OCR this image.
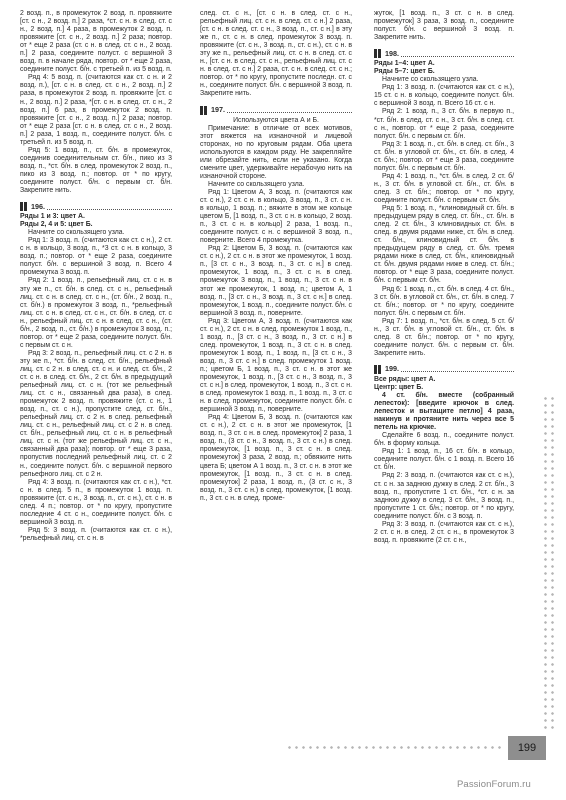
2 возд. п., в промежуток 2 возд. п. провяжите [ст. с н., 2 возд. п.] 2 раза, *ст. с н. в след. ст. с н., 2 возд. п.] 4 раза, в промежуток 2 возд. п. провяжите [ст. с н., 2 возд. п.] 2 раза; повтор. от * еще 2 раза (ст. с н. в след. ст. с н., 2 возд. п.] 2 раза, соедините полуст. с вершиной 3 возд. п. в начале ряда, повтор. от * еще 2 раза, соедините полуст. б/н. с третьей п. из 5 возд. п.

Ряд 4: 5 возд. п. (считаются как ст. с н. и 2 возд. п.), [ст. с н. в след. ст. с н., 2 возд. п.] 2 раза, в промежуток 2 возд. п. провяжите [ст. с н., 2 возд. п.] 2 раза, *[ст. с н. в след. ст. с н., 2 возд. п.] 6 раз, в промежуток 2 возд. п. провяжите [ст. с н., 2 возд. п.] 2 раза; повтор. от * еще 2 раза [ст. с н. в след. ст. с н., 2 возд. п.] 2 раза, 1 возд. п., соедините полуст. б/н. с третьей п. из 5 возд. п.

Ряд 5: 1 возд. п., ст. б/н. в промежуток, соединив соединительным ст. б/н., пико из 3 возд. п., *ст. б/н. в след. промежуток 2 возд. п., пико из 3 возд. п.; повтор. от * по кругу, соедините полуст. б/н. с первым ст. б/н. Закрепите нить.

196.

Ряды 1 и 3: цвет А.

Ряды 2, 4 и 5: цвет Б.

Начните со скользящего узла.

Ряд 1: 3 возд. п. (считаются как ст. с н.), 2 ст. с н. в кольцо, 3 возд. п., *3 ст. с н. в кольцо, 3 возд. п.; повтор. от * еще 2 раза, соедините полуст. б/н. с вершиной 3 возд. п. Всего 4 промежутка 3 возд. п.

Ряд 2: 1 возд. п., рельефный лиц. ст. с н. в эту же п., ст. б/н. в след. ст. с н., рельефный лиц. ст. с н. в след. ст. с н., (ст. б/н., 2 возд. п., ст. б/н.) в промежуток 3 возд. п., *рельефный лиц. ст. с н. в след. ст. с н., ст. б/н. в след. ст. с н., рельефный лиц. ст. с н. в след. ст. с н., (ст. б/н., 2 возд. п., ст. б/н.) в промежуток 3 возд. п.; повтор. от * еще 2 раза, соедините полуст. б/н. с первым ст. с н.

Ряд 3: 2 возд. п., рельефный лиц. ст. с 2 н. в эту же п., *ст. б/н. в след. ст. б/н., рельефный лиц. ст. с 2 н. в след. ст. с н. и след. ст. б/н., 2 ст. с н. в след. ст. б/н., 2 ст. б/н. в предыдущий рельефный лиц. ст. с н. (тот же рельефный лиц. ст. с н., связанный два раза), в след. промежуток 2 возд. п. провяжите (ст. с н., 1 возд. п., ст. с н.), пропустите след. ст. б/н., рельефный лиц. ст. с 2 н. в след. рельефный лиц. ст. с н., рельефный лиц. ст. с 2 н. в след. ст. б/н., рельефный лиц. ст. с н. в рельефный лиц. ст. с н. (тот же рельефный лиц. ст. с н., связанный два раза); повтор. от * еще 3 раза, пропустив последний рельефный лиц. ст. с 2 н., соедините полуст. б/н. с вершиной первого рельефного лиц. ст. с 2 н.

Ряд 4: 3 возд. п. (считаются как ст. с н.), *ст. с н. в след. 5 п., в промежуток 1 возд. п. провяжите (ст. с н., 3 возд. п., ст. с н.), ст. с н. в след. 4 п.; повтор. от * по кругу, пропустите последние 4 ст. с н., соедините полуст. б/н. с вершиной 3 возд. п.

Ряд 5: 3 возд. п. (считаются как ст. с н.), *рельефный лиц. ст. с н. в

след. ст. с н., [ст. с н. в след. ст. с н., рельефный лиц. ст. с н. в след. ст. с н.] 2 раза, [ст. с н. в след. ст. с н., 3 возд. п., ст. с н.] в эту же п., ст. с н. в след. промежуток 3 возд. п. провяжите (ст. с н., 3 возд. п., ст. с н.), ст. с н. в эту же п., рельефный лиц. ст. с н. в след. ст. с н., [ст. с н. в след. ст. с н., рельефный лиц. ст. с н. в след. ст. с н.] 2 раза, ст. с н. в след. ст. с н.; повтор. от * по кругу, пропустите последн. ст. с н., соедините полуст. б/н. с вершиной 3 возд. п. Закрепите нить.

197.

Используются цвета А и Б.

Примечание: в отличие от всех мотивов, этот вяжется на изнаночной и лицевой сторонах, но по круговым рядам. Оба цвета используются в каждом ряду. Не закрепляйте или обрезайте нить, если не указано. Когда смените цвет, удерживайте нерабочую нить на изнаночной стороне.

Начните со скользящего узла.

Ряд 1: Цветом А, 3 возд. п. (считаются как ст. с н.), 2 ст. с н. в кольцо, 3 возд. п., 3 ст. с н. в кольцо, 1 возд. п.; вяжите в этом же кольце цветом Б, [1 возд. п., 3 ст. с н. в кольцо, 2 возд. п., 3 ст. с н. в кольцо] 2 раза, 1 возд. п., соедините полуст. с н. с вершиной 3 возд. п., поверните. Всего 4 промежутка.

Ряд 2: Цветом Б, 3 возд. п. (считаются как ст. с н.), 2 ст. с н. в этот же промежуток, 1 возд. п., [3 ст. с н., 3 возд. п., 3 ст. с н.] в след. промежуток, 1 возд. п., 3 ст. с н. в след. промежуток 3 возд. п., 1 возд. п., 3 ст. с н. в этот же промежуток, 1 возд. п.; цветом А, 1 возд. п., [3 ст. с н., 3 возд. п., 3 ст. с н.] в след. промежуток, 1 возд. п., соедините полуст. б/н. с вершиной 3 возд. п., поверните.

Ряд 3: Цветом А, 3 возд. п. (считаются как ст. с н.), 2 ст. с н. в след. промежуток 1 возд. п., 1 возд. п., [3 ст. с н., 3 возд. п., 3 ст. с н.] в след. промежуток, 1 возд. п., 3 ст. с н. в след. промежуток 1 возд. п., 1 возд. п., [3 ст. с н., 3 возд. п., 3 ст. с н.] в след. промежуток 1 возд. п.; цветом Б, 1 возд. п., 3 ст. с н. в этот же промежуток, 1 возд. п., [3 ст. с н., 3 возд. п., 3 ст. с н.] в след. промежуток, 1 возд. п., 3 ст. с н. в след. промежуток 1 возд. п., 1 возд. п., 3 ст. с н. в след. промежуток, соедините полуст. б/н. с вершиной 3 возд. п., поверните.

Ряд 4: Цветом Б, 3 возд. п. (считаются как ст. с н.), 2 ст. с н. в этот же промежуток, [1 возд. п., 3 ст. с н. в след. промежуток] 2 раза, 1 возд. п., (3 ст. с н., 3 возд. п., 3 ст. с н.) в след. промежуток, [1 возд. п., 3 ст. с н. в след. промежуток] 3 раза, 2 возд. п.; обвяжите нить цвета Б; цветом А 1 возд. п., 3 ст. с н. в этот же промежуток, [1 возд. п., 3 ст. с н. в след. промежуток] 2 раза, 1 возд. п., (3 ст. с н., 3 возд. п., 3 ст. с н.) в след. промежуток, [1 возд. п., 3 ст. с н. в след. проме-

жуток, [1 возд. п., 3 ст. с н. в след. промежуток] 3 раза, 3 возд. п., соедините полуст. б/н. с вершиной 3 возд. п. Закрепите нить.

198.

Ряды 1–4: цвет А.

Ряды 5–7: цвет Б.

Начните со скользящего узла.

Ряд 1: 3 возд. п. (считаются как ст. с н.), 15 ст. с н. в кольцо, соедините полуст. б/н. с вершиной 3 возд. п. Всего 16 ст. с н.

Ряд 2: 1 возд. п., 3 ст. б/н. в первую п., *ст. б/н. в след. ст. с н., 3 ст. б/н. в след. ст. с н., повтор. от * еще 2 раза, соедините полуст. б/н. с первым ст. б/н.

Ряд 3: 1 возд. п., ст. б/н. в след. ст. б/н., 3 ст. б/н. в угловой ст. б/н., ст. б/н. в след. 4 ст. б/н.; повтор. от * еще 3 раза, соедините полуст. б/н. с первым ст. б/н.

Ряд 4: 1 возд. п., *ст. б/н. в след. 2 ст. б/н., 3 ст. б/н. в угловой ст. б/н., ст. б/н. в след. 3 ст. б/н.; повтор. от * по кругу, соедините полуст. б/н. с первым ст. б/н.

Ряд 5: 1 возд. п., *клиновидный ст. б/н. в предыдущем ряду в след. ст. б/н., ст. б/н. в след. 2 ст. б/н., 3 клиновидных ст. б/н. в след. в двумя рядами ниже, ст. б/н. в след. ст. б/н., клиновидный ст. б/н. в предыдущем ряду в след. ст. б/н. тремя рядами ниже в след. ст. б/н., клиновидный ст. б/н. двумя рядами ниже в след. ст. б/н.; повтор. от * еще 3 раза, соедините полуст. б/н. с первым ст. б/н.

Ряд 6: 1 возд. п., ст. б/н. в след. 4 ст. б/н., 3 ст. б/н. в угловой ст. б/н., ст. б/н. в след. 7 ст. б/н.; повтор. от * по кругу, соедините полуст. б/н. с первым ст. б/н.

Ряд 7: 1 возд. п., *ст. б/н. в след. 5 ст. б/н., 3 ст. б/н. в угловой ст. б/н., ст. б/н. в след. 8 ст. б/н.; повтор. от * по кругу, соедините полуст. б/н. с первым ст. б/н. Закрепите нить.

199.

Все ряды: цвет А.

Центр: цвет Б.

4 ст. б/н. вместе (собранный лепесток): [введите крючок в след. лепесток и вытащите петлю] 4 раза, накинув и протяните нить через все 5 петель на крючке.

Сделайте 6 возд. п., соедините полуст. б/н. в форму кольца.

Ряд 1: 1 возд. п., 16 ст. б/н. в кольцо, соедините полуст. б/н. с 1 возд. п. Всего 16 ст. б/н.

Ряд 2: 3 возд. п. (считаются как ст. с н.), ст. с н. за заднюю дужку в след. 2 ст. б/н., 3 возд. п., пропустите 1 ст. б/н., *ст. с н. за заднюю дужку в след. 3 ст. б/н., 3 возд. п., пропустите 1 ст. б/н.; повтор. от * по кругу, соедините полуст. б/н. с 3 возд. п.

Ряд 3: 3 возд. п. (считаются как ст. с н.), 2 ст. с н. в след. 2 ст. с н., в промежуток 3 возд. п. провяжите (2 ст. с н.,

199
PassionForum.ru
